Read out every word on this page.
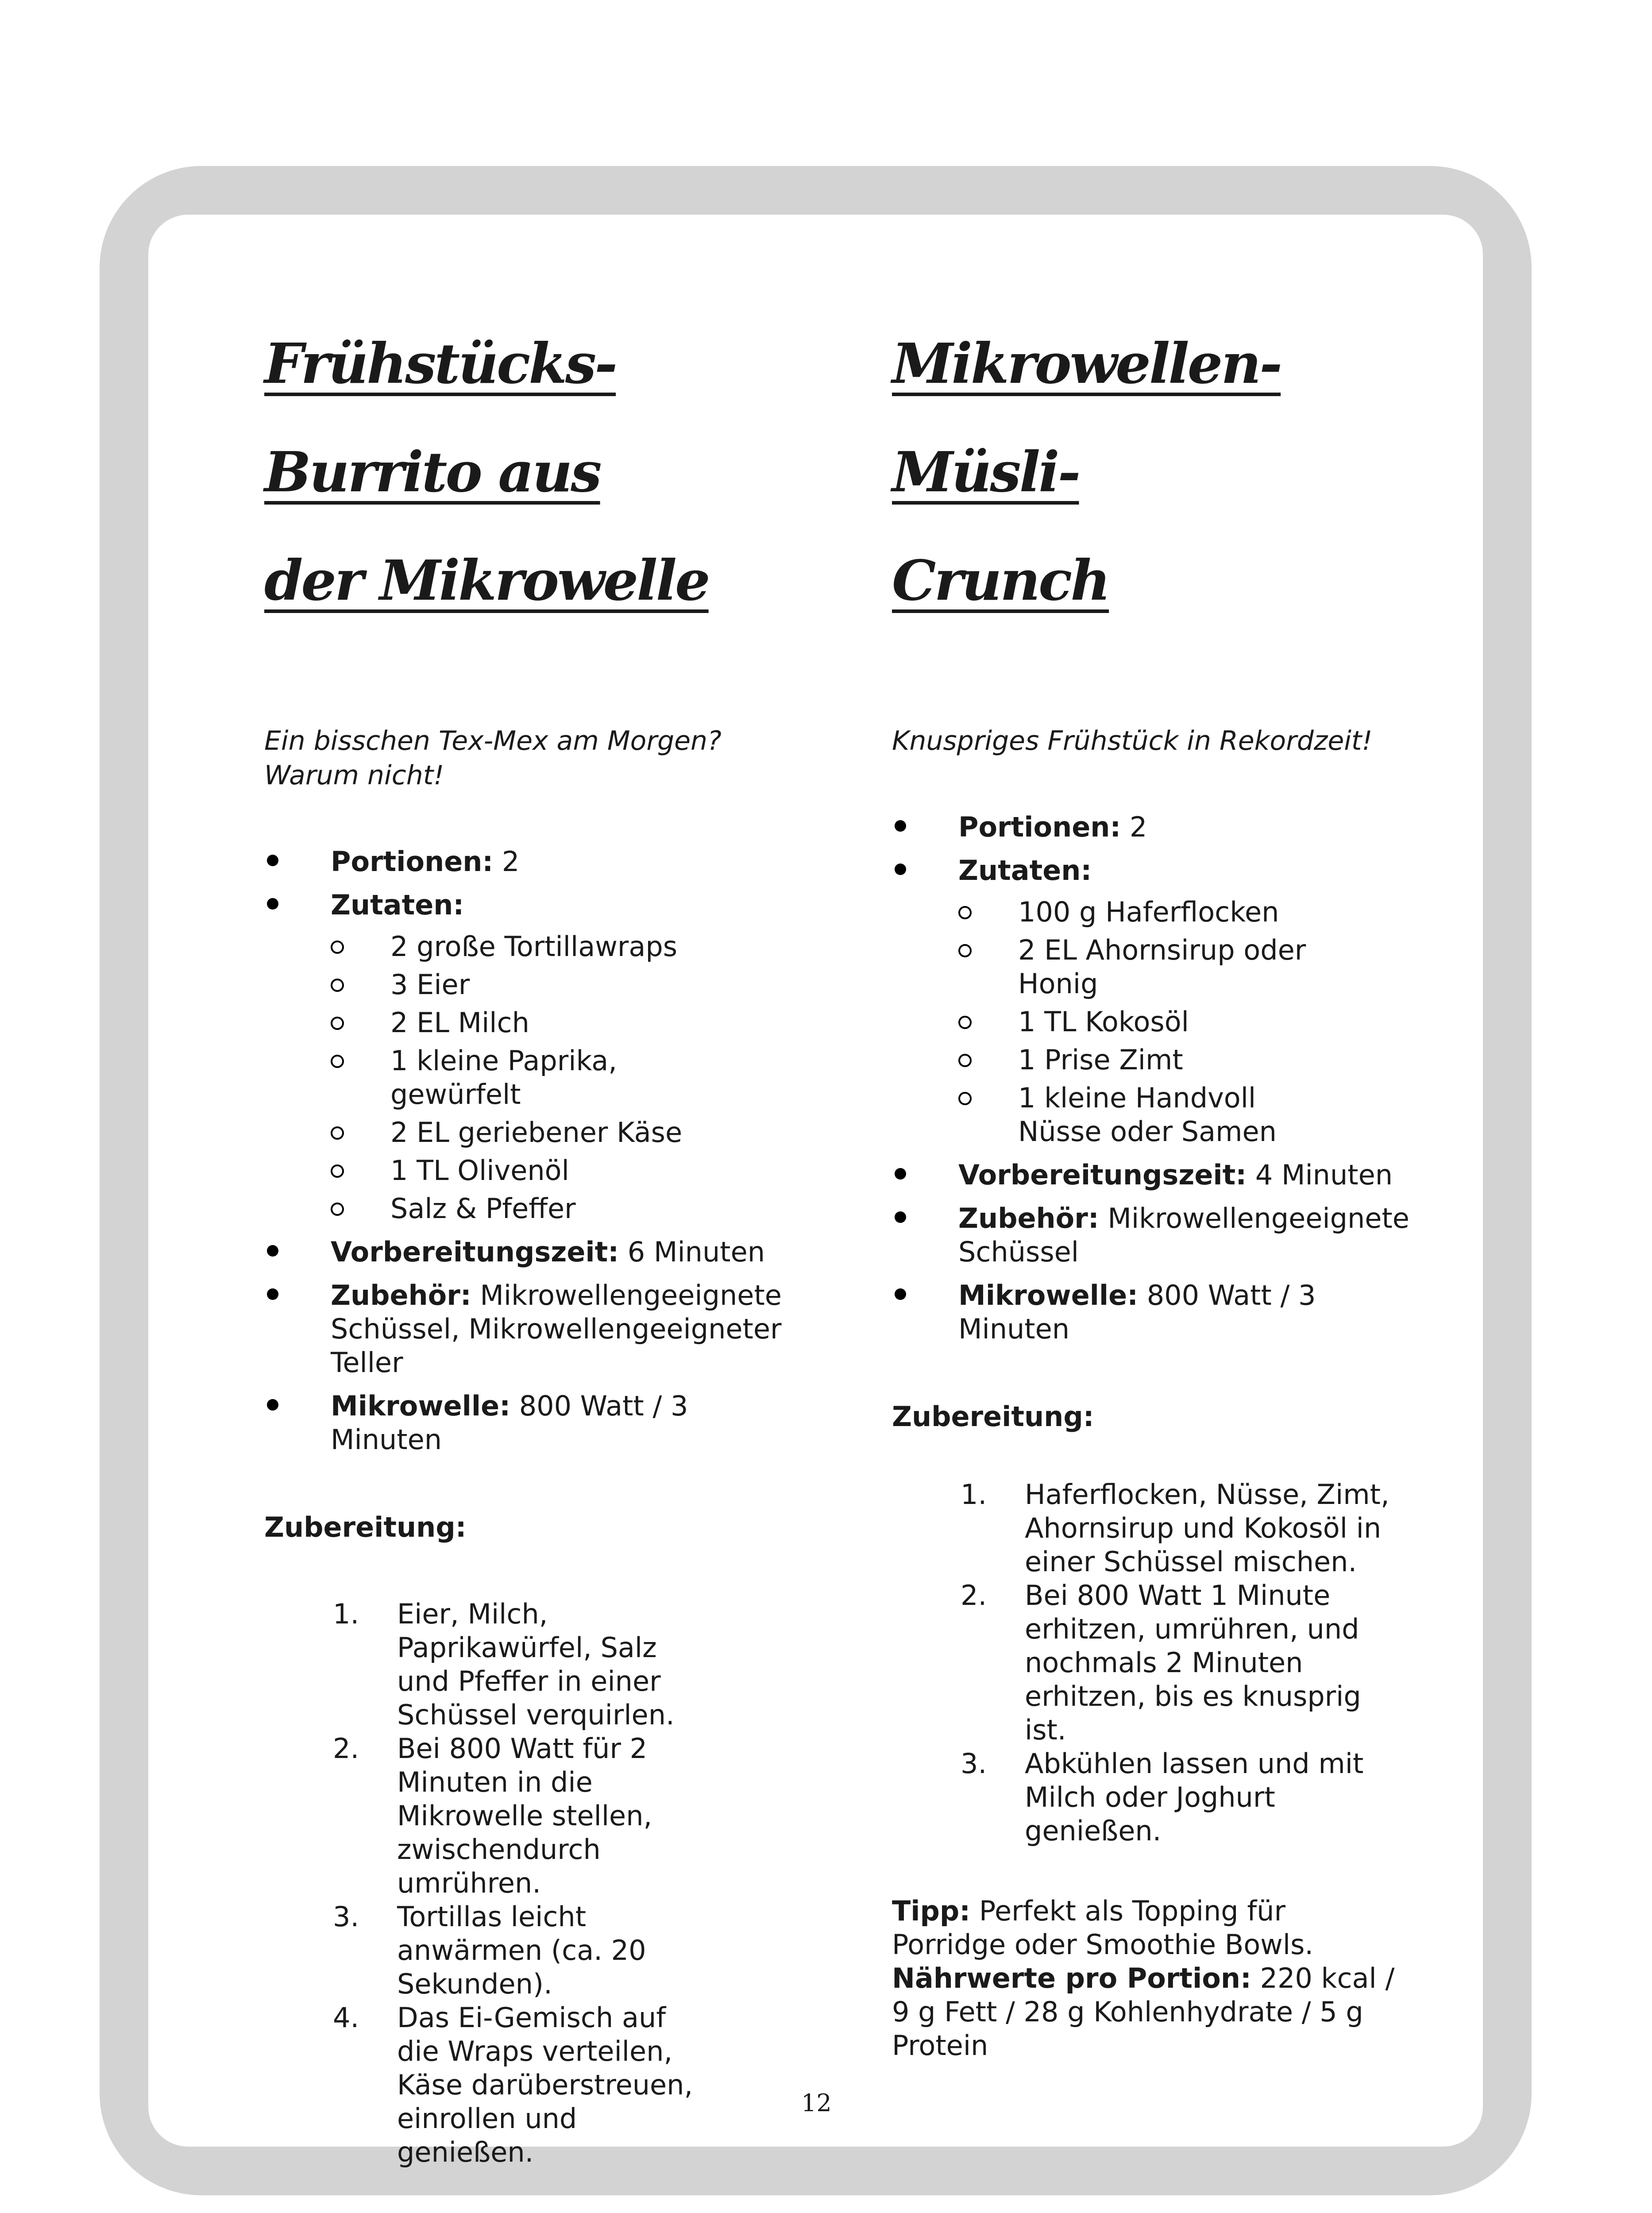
Frühstücks-Burrito aus
der Mikrowelle

Ein bisschen Tex-Mex am Morgen?
Warum nicht!

Portionen: 2
Zutaten:
2 große Tortillawraps
3 Eier
2 EL Milch
1 kleine Paprika, gewürfelt
2 EL geriebener Käse
1 TL Olivenöl
Salz & Pfeffer
Vorbereitungszeit: 6 Minuten
Zubehör: Mikrowellengeeignete Schüssel, Mikrowellengeeigneter Teller
Mikrowelle: 800 Watt / 3 Minuten

Zubereitung:

1. Eier, Milch, Paprikawürfel, Salz und Pfeffer in einer Schüssel verquirlen.
2. Bei 800 Watt für 2 Minuten in die Mikrowelle stellen, zwischendurch umrühren.
3. Tortillas leicht anwärmen (ca. 20 Sekunden).
4. Das Ei-Gemisch auf die Wraps verteilen, Käse darüberstreuen, einrollen und genießen.

Mikrowellen-Müsli-
Crunch

Knuspriges Frühstück in Rekordzeit!

Portionen: 2
Zutaten:
100 g Haferflocken
2 EL Ahornsirup oder Honig
1 TL Kokosöl
1 Prise Zimt
1 kleine Handvoll Nüsse oder Samen
Vorbereitungszeit: 4 Minuten
Zubehör: Mikrowellengeeignete Schüssel
Mikrowelle: 800 Watt / 3 Minuten

Zubereitung:

1. Haferflocken, Nüsse, Zimt, Ahornsirup und Kokosöl in einer Schüssel mischen.
2. Bei 800 Watt 1 Minute erhitzen, umrühren, und nochmals 2 Minuten erhitzen, bis es knusprig ist.
3. Abkühlen lassen und mit Milch oder Joghurt genießen.

Tipp: Perfekt als Topping für Porridge oder Smoothie Bowls.

Nährwerte pro Portion: 220 kcal / 9 g Fett / 28 g Kohlenhydrate / 5 g Protein

12
